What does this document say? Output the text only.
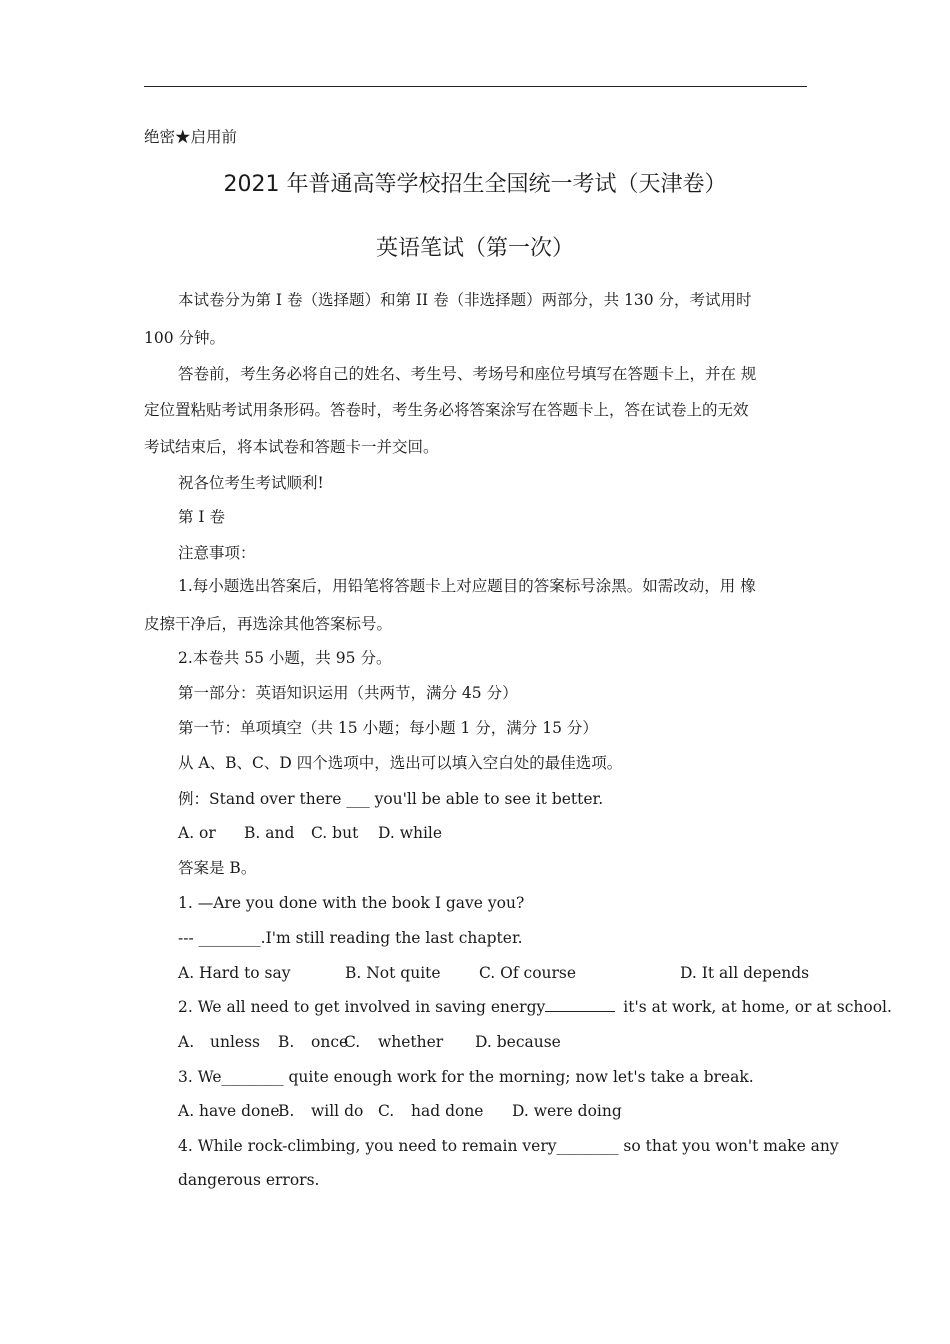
绝密★启用前
2021 年普通高等学校招生全国统一考试（天津卷）
英语笔试（第一次）
本试卷分为第 I 卷（选择题）和第 II 卷（非选择题）两部分，共 130 分，考试用时
100 分钟。
答卷前，考生务必将自己的姓名、考生号、考场号和座位号填写在答题卡上，并在 规
定位置粘贴考试用条形码。答卷时，考生务必将答案涂写在答题卡上，答在试卷上的无效
考试结束后，将本试卷和答题卡一并交回。
祝各位考生考试顺利!
第 I 卷
注意事项：
1.每小题选出答案后，用铅笔将答题卡上对应题目的答案标号涂黑。如需改动，用 橡
皮擦干净后，再选涂其他答案标号。
2.本卷共 55 小题，共 95 分。
第一部分：英语知识运用（共两节，满分 45 分）
第一节：单项填空（共 15 小题；每小题 1 分，满分 15 分）
从 A、B、C、D 四个选项中，选出可以填入空白处的最佳选项。
例：Stand over there ___ you'll be able to see it better.
A. or B. and C. but D. while
答案是 B。
1. —Are you done with the book I gave you?
--- ________.I'm still reading the last chapter.
A. Hard to say	B. Not quite C. Of course	D. It all depends
2. We all need to get involved in saving energy	it's at work, at home, or at school.
A. unless B. once
C. whether D. because
3. We________ quite enough work for the morning; now let's take a break.
A. have done
B. will do C. had done D. were doing
4. While rock-climbing, you need to remain very________ so that you won't make any
dangerous errors.
